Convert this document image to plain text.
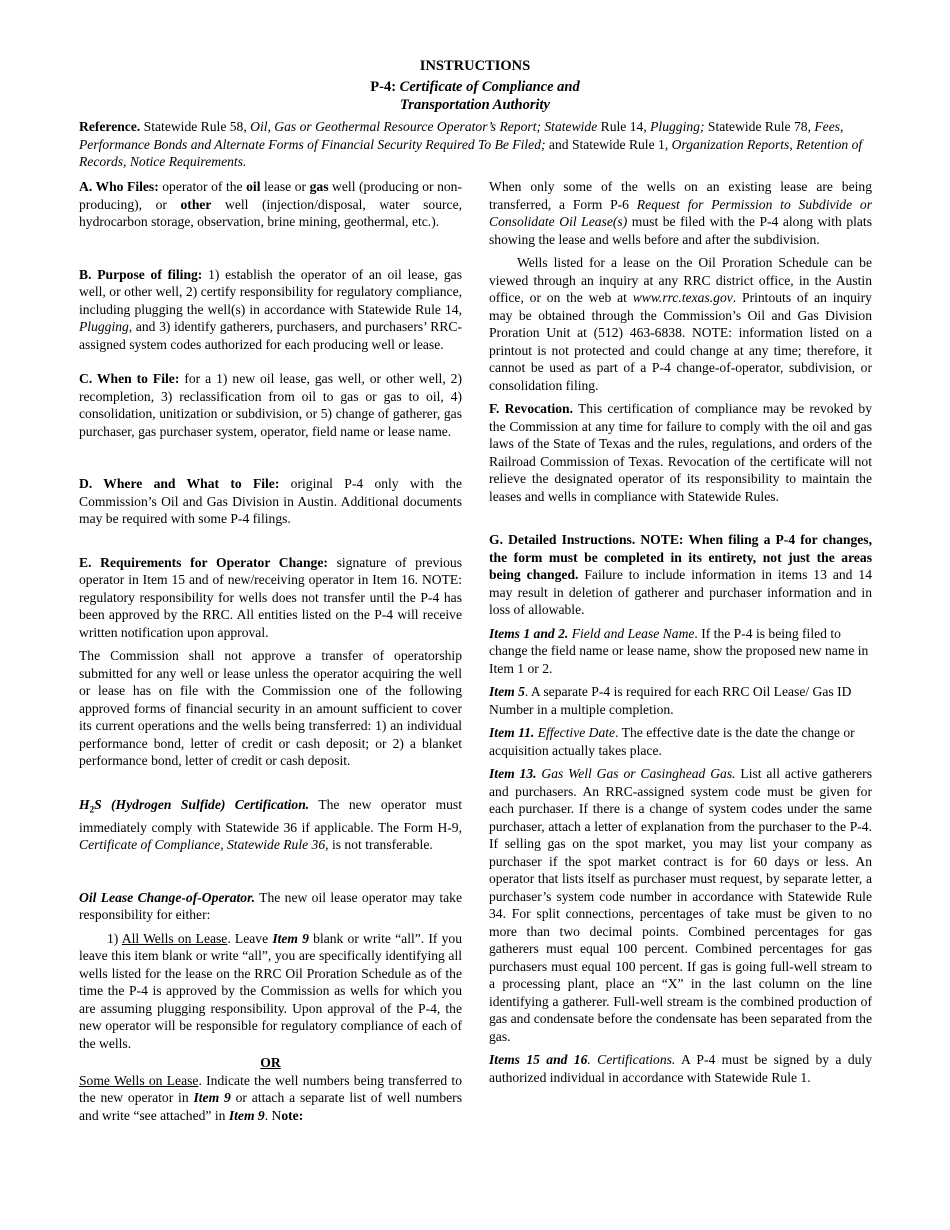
INSTRUCTIONS
P-4: Certificate of Compliance and
Transportation Authority
Reference. Statewide Rule 58, Oil, Gas or Geothermal Resource Operator’s Report; Statewide Rule 14, Plugging; Statewide Rule 78, Fees, Performance Bonds and Alternate Forms of Financial Security Required To Be Filed; and Statewide Rule 1, Organization Reports, Retention of Records, Notice Requirements.

A. Who Files: operator of the oil lease or gas well (producing or non-producing), or other well (injection/disposal, water source, hydrocarbon storage, observation, brine mining, geothermal, etc.).

B. Purpose of filing: 1) establish the operator of an oil lease, gas well, or other well, 2) certify responsibility for regulatory compliance, including plugging the well(s) in accordance with Statewide Rule 14, Plugging, and 3) identify gatherers, purchasers, and purchasers’ RRC-assigned system codes authorized for each producing well or lease.

C. When to File: for a 1) new oil lease, gas well, or other well, 2) recompletion, 3) reclassification from oil to gas or gas to oil, 4) consolidation, unitization or subdivision, or 5) change of gatherer, gas purchaser, gas purchaser system, operator, field name or lease name.

D. Where and What to File: original P-4 only with the Commission’s Oil and Gas Division in Austin. Additional documents may be required with some P-4 filings.

E. Requirements for Operator Change: signature of previous operator in Item 15 and of new/receiving operator in Item 16. NOTE: regulatory responsibility for wells does not transfer until the P-4 has been approved by the RRC. All entities listed on the P-4 will receive written notification upon approval.

The Commission shall not approve a transfer of operatorship submitted for any well or lease unless the operator acquiring the well or lease has on file with the Commission one of the following approved forms of financial security in an amount sufficient to cover its current operations and the wells being transferred: 1) an individual performance bond, letter of credit or cash deposit; or 2) a blanket performance bond, letter of credit or cash deposit.

$H_2S$ (Hydrogen Sulfide) Certification. The new operator must immediately comply with Statewide 36 if applicable. The Form H-9, Certificate of Compliance, Statewide Rule 36, is not transferable.

Oil Lease Change-of-Operator. The new oil lease operator may take responsibility for either:

1) All Wells on Lease. Leave Item 9 blank or write “all”. If you leave this item blank or write “all”, you are specifically identifying all wells listed for the lease on the RRC Oil Proration Schedule as of the time the P-4 is approved by the Commission as wells for which you are assuming plugging responsibility. Upon approval of the P-4, the new operator will be responsible for regulatory compliance of each of the wells.

OR

Some Wells on Lease. Indicate the well numbers being transferred to the new operator in Item 9 or attach a separate list of well numbers and write “see attached” in Item 9. Note:

When only some of the wells on an existing lease are being transferred, a Form P-6 Request for Permission to Subdivide or Consolidate Oil Lease(s) must be filed with the P-4 along with plats showing the lease and wells before and after the subdivision.

Wells listed for a lease on the Oil Proration Schedule can be viewed through an inquiry at any RRC district office, in the Austin office, or on the web at www.rrc.texas.gov. Printouts of an inquiry may be obtained through the Commission’s Oil and Gas Division Proration Unit at (512) 463-6838. NOTE: information listed on a printout is not protected and could change at any time; therefore, it cannot be used as part of a P-4 change-of-operator, subdivision, or consolidation filing.

F. Revocation. This certification of compliance may be revoked by the Commission at any time for failure to comply with the oil and gas laws of the State of Texas and the rules, regulations, and orders of the Railroad Commission of Texas. Revocation of the certificate will not relieve the designated operator of its responsibility to maintain the leases and wells in compliance with Statewide Rules.

G. Detailed Instructions. NOTE: When filing a P-4 for changes, the form must be completed in its entirety, not just the areas being changed. Failure to include information in items 13 and 14 may result in deletion of gatherer and purchaser information and in loss of allowable.

Items 1 and 2. Field and Lease Name. If the P-4 is being filed to change the field name or lease name, show the proposed new name in Item 1 or 2.

Item 5. A separate P-4 is required for each RRC Oil Lease/ Gas ID Number in a multiple completion.

Item 11. Effective Date. The effective date is the date the change or acquisition actually takes place.

Item 13. Gas Well Gas or Casinghead Gas. List all active gatherers and purchasers. An RRC-assigned system code must be given for each purchaser. If there is a change of system codes under the same purchaser, attach a letter of explanation from the purchaser to the P-4. If selling gas on the spot market, you may list your company as purchaser if the spot market contract is for 60 days or less. An operator that lists itself as purchaser must request, by separate letter, a purchaser’s system code number in accordance with Statewide Rule 34. For split connections, percentages of take must be given to no more than two decimal points. Combined percentages for gas gatherers must equal 100 percent. Combined percentages for gas purchasers must equal 100 percent. If gas is going full-well stream to a processing plant, place an “X” in the last column on the line identifying a gatherer. Full-well stream is the combined production of gas and condensate before the condensate has been separated from the gas.

Items 15 and 16. Certifications. A P-4 must be signed by a duly authorized individual in accordance with Statewide Rule 1.
